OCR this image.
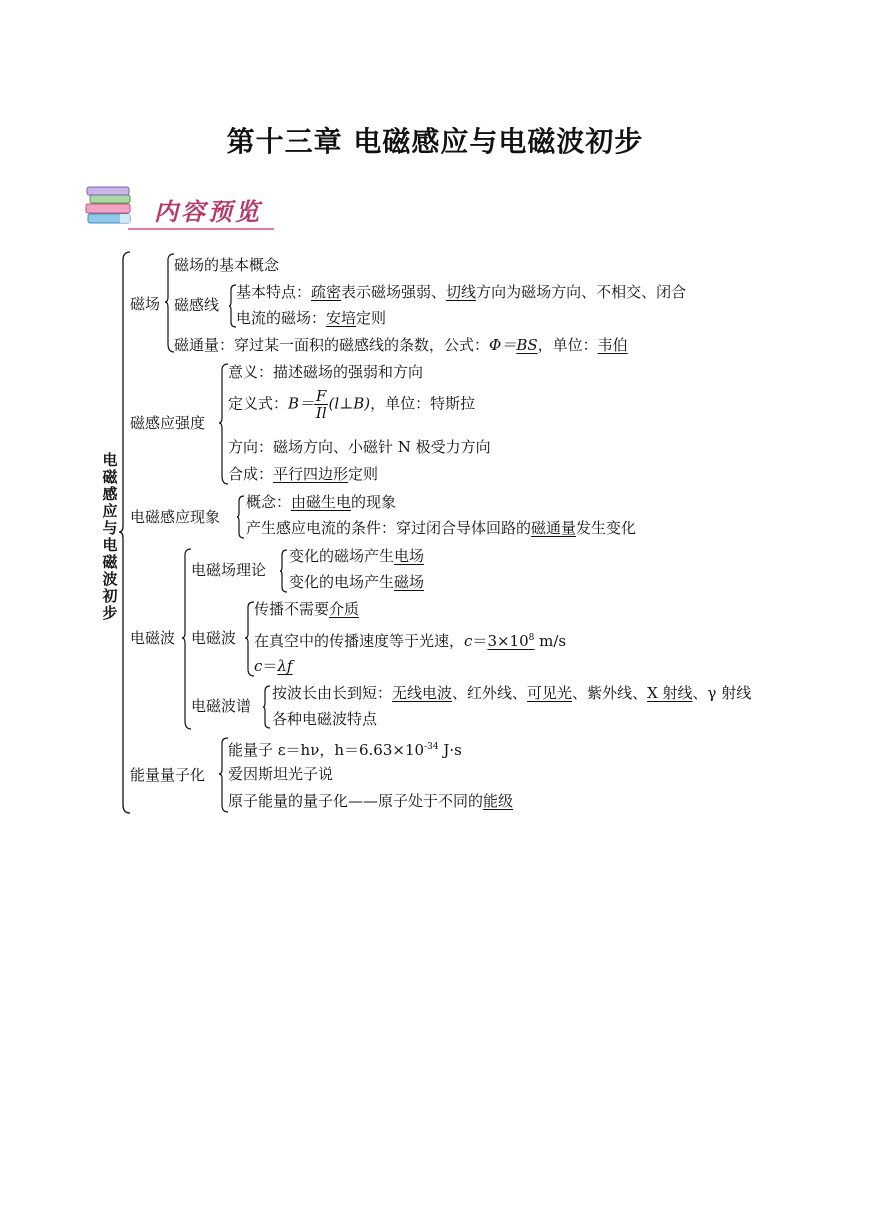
第十三章 电磁感应与电磁波初步
内容预览
电磁感应与电磁波初步
磁场
磁场的基本概念
磁感线
基本特点：疏密表示磁场强弱、切线方向为磁场方向、不相交、闭合
电流的磁场：安培定则
磁通量：穿过某一面积的磁感线的条数，公式：Φ＝BS，单位：韦伯
磁感应强度
意义：描述磁场的强弱和方向
定义式：$B= \frac{F}{Il}$ (l⊥B)，单位：特斯拉
方向：磁场方向、小磁针 N 极受力方向
合成：平行四边形定则
电磁感应现象
概念：由磁生电的现象
产生感应电流的条件：穿过闭合导体回路的磁通量发生变化
电磁波
电磁场理论
变化的磁场产生电场
变化的电场产生磁场
电磁波
传播不需要介质
在真空中的传播速度等于光速，$c=3\times 10^8$ m/s
c＝λf
电磁波谱
按波长由长到短：无线电波、红外线、可见光、紫外线、X 射线、γ 射线
各种电磁波特点
能量量子化
能量子 ε＝hν，$h=6.63\times 10^{-34}$ J·s
爱因斯坦光子说
原子能量的量子化——原子处于不同的能级
